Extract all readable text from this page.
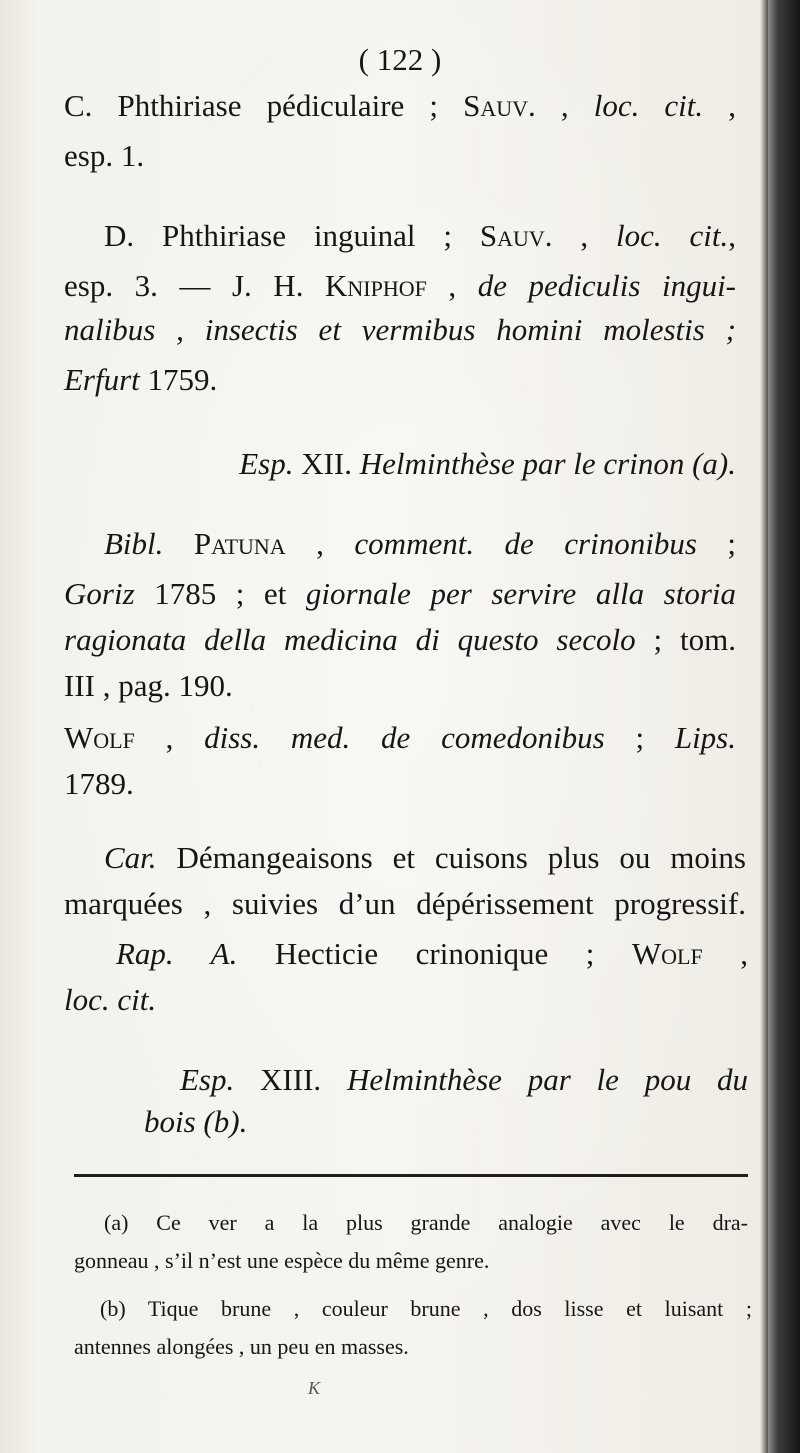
( 122 )
C. Phthiriase pédiculaire ; Sauv. , loc. cit. ,
esp. 1.
D. Phthiriase inguinal ; Sauv. , loc. cit.,
esp. 3. — J. H. Kniphof , de pediculis ingui-
nalibus , insectis et vermibus homini molestis ;
Erfurt 1759.
Esp. XII. Helminthèse par le crinon (a).
Bibl. Patuna , comment. de crinonibus ;
Goriz 1785 ; et giornale per servire alla storia
ragionata della medicina di questo secolo ; tom.
III , pag. 190.
Wolf , diss. med. de comedonibus ; Lips.
1789.
Car. Démangeaisons et cuisons plus ou moins
marquées , suivies d’un dépérissement progressif.
Rap. A. Hecticie crinonique ; Wolf ,
loc. cit.
Esp. XIII. Helminthèse par le pou du
bois (b).
(a) Ce ver a la plus grande analogie avec le dra-
gonneau , s’il n’est une espèce du même genre.
(b) Tique brune , couleur brune , dos lisse et luisant ;
antennes alongées , un peu en masses.
K
